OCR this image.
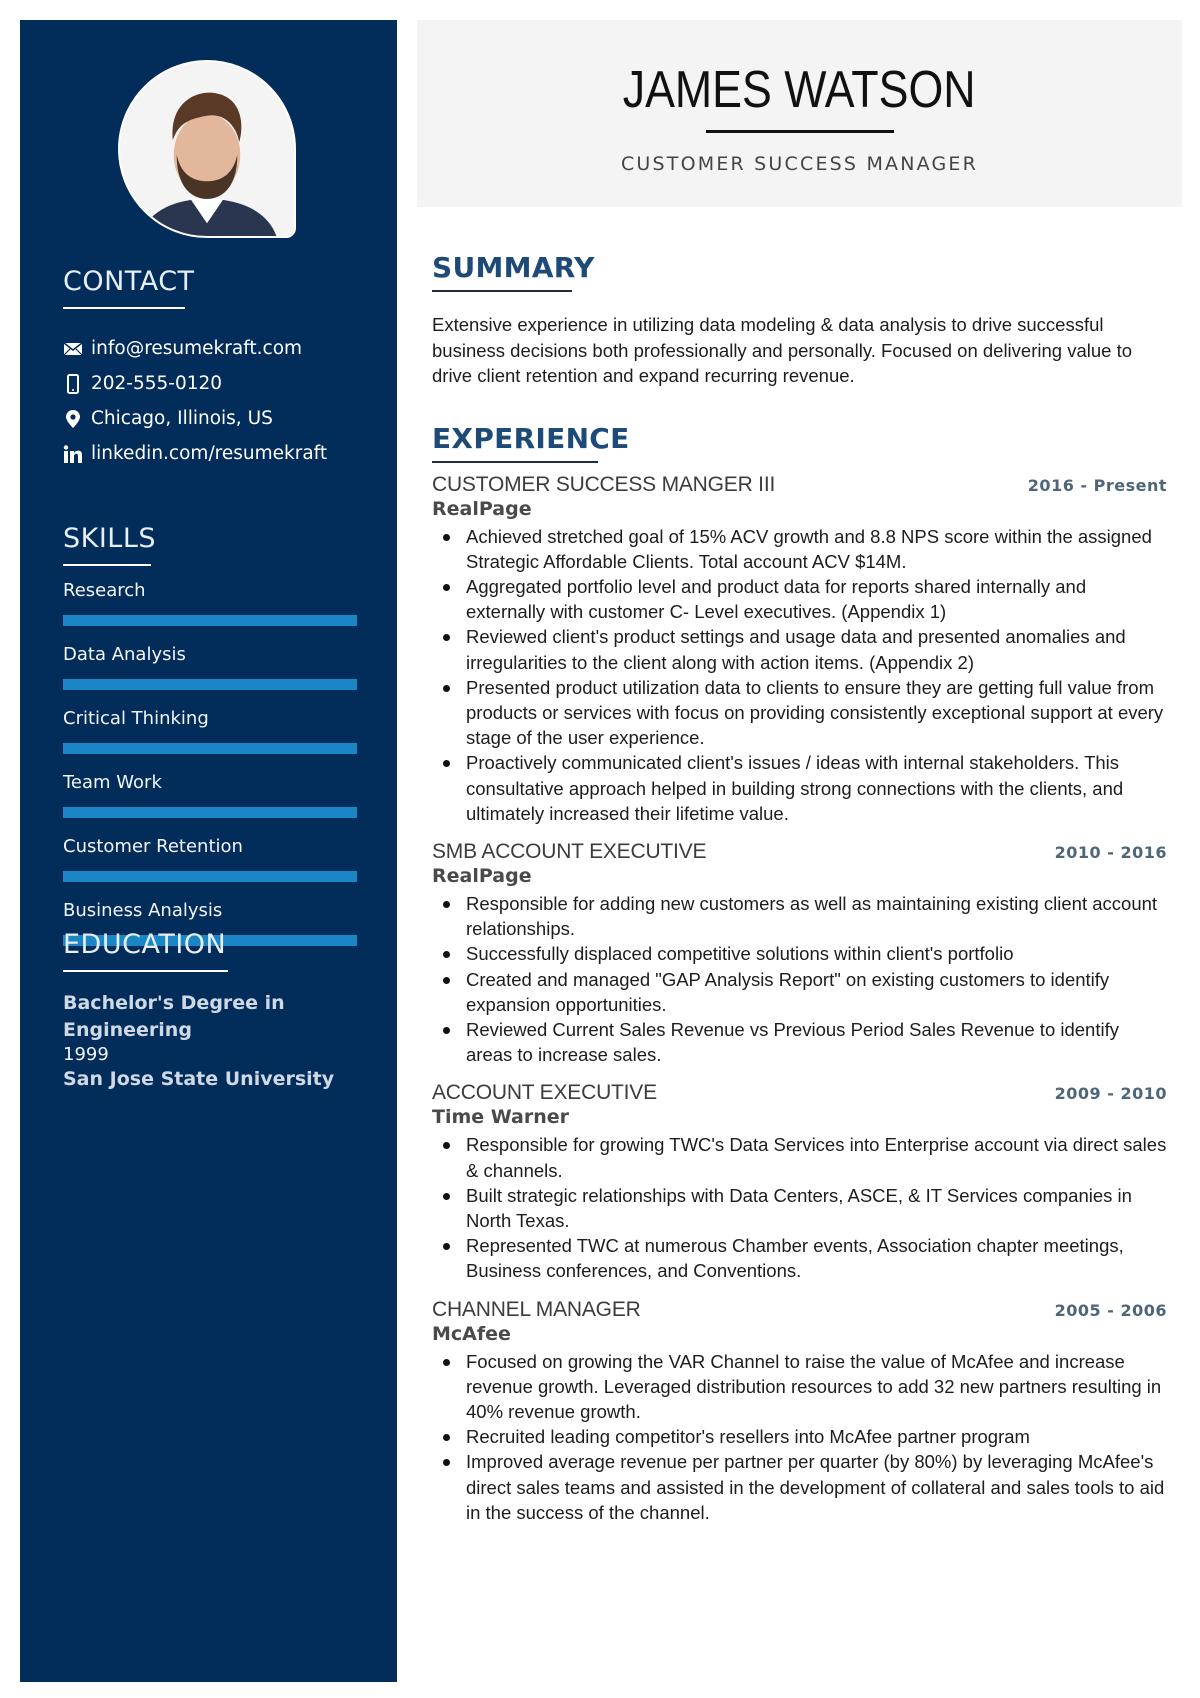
CONTACT
info@resumekraft.com
202-555-0120
Chicago, Illinois, US
linkedin.com/resumekraft
SKILLS
Research
Data Analysis
Critical Thinking
Team Work
Customer Retention
Business Analysis
EDUCATION
Bachelor's Degree in Engineering
1999
San Jose State University
JAMES WATSON
CUSTOMER SUCCESS MANAGER
SUMMARY

Extensive experience in utilizing data modeling & data analysis to drive successful business decisions both professionally and personally. Focused on delivering value to drive client retention and expand recurring revenue.

EXPERIENCE
CUSTOMER SUCCESS MANGER III	2016 - Present
RealPage
Achieved stretched goal of 15% ACV growth and 8.8 NPS score within the assigned Strategic Affordable Clients. Total account ACV $14M.
Aggregated portfolio level and product data for reports shared internally and externally with customer C- Level executives. (Appendix 1)
Reviewed client's product settings and usage data and presented anomalies and irregularities to the client along with action items. (Appendix 2)
Presented product utilization data to clients to ensure they are getting full value from products or services with focus on providing consistently exceptional support at every stage of the user experience.
Proactively communicated client's issues / ideas with internal stakeholders. This consultative approach helped in building strong connections with the clients, and ultimately increased their lifetime value.
SMB ACCOUNT EXECUTIVE	2010 - 2016
RealPage
Responsible for adding new customers as well as maintaining existing client account relationships.
Successfully displaced competitive solutions within client's portfolio
Created and managed "GAP Analysis Report" on existing customers to identify expansion opportunities.
Reviewed Current Sales Revenue vs Previous Period Sales Revenue to identify areas to increase sales.
ACCOUNT EXECUTIVE	2009 - 2010
Time Warner
Responsible for growing TWC's Data Services into Enterprise account via direct sales & channels.
Built strategic relationships with Data Centers, ASCE, & IT Services companies in North Texas.
Represented TWC at numerous Chamber events, Association chapter meetings, Business conferences, and Conventions.
CHANNEL MANAGER	2005 - 2006
McAfee
Focused on growing the VAR Channel to raise the value of McAfee and increase revenue growth. Leveraged distribution resources to add 32 new partners resulting in 40% revenue growth.
Recruited leading competitor's resellers into McAfee partner program
Improved average revenue per partner per quarter (by 80%) by leveraging McAfee's direct sales teams and assisted in the development of collateral and sales tools to aid in the success of the channel.
